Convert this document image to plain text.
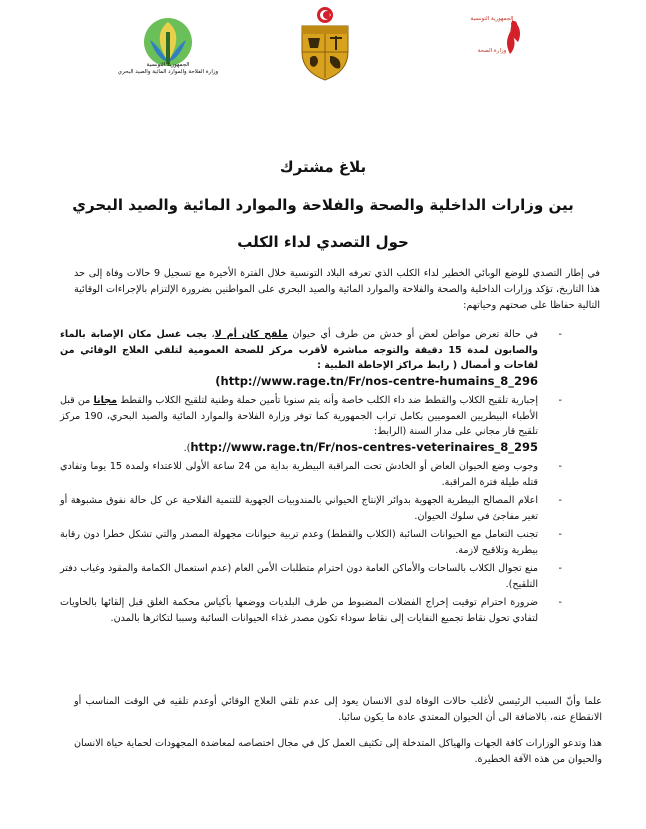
الجمهورية التونسية
وزارة الفلاحة والموارد المائية والصيد البحري
الجمهورية التونسية
وزارة الصحة
بلاغ مشترك
بين وزارات الداخلية والصحة والفلاحة والموارد المائية والصيد البحري
حول التصدي لداء الكلب
في إطار التصدي للوضع الوبائي الخطير لداء الكلب الذي تعرفه البلاد التونسية خلال الفترة الأخيرة مع تسجيل 9 حالات وفاة إلى حد هذا التاريخ، تؤكد وزارات الداخلية والصحة والفلاحة والموارد المائية والصيد البحري على المواطنين بضرورة الإلتزام بالإجراءات الوقائية التالية حفاظا على صحتهم وحياتهم:
-
في حالة تعرض مواطن لعض أو خدش من طرف أي حيوان ملقح كان أم لا، يجب غسل مكان الإصابة بالماء والصابون لمدة 15 دقيقة والتوجه مباشرة لأقرب مركز للصحة العمومية لتلقي العلاج الوقائي من لقاحات و أمصال ( رابط مراكز الإحاطة الطبية :
(http://www.rage.tn/Fr/nos-centre-humains_8_296
-
إجبارية تلقيح الكلاب والقطط ضد داء الكلب خاصة وأنه يتم سنويا تأمين حملة وطنية لتلقيح الكلاب والقطط مجانا من قبل الأطباء البيطريين العموميين بكامل تراب الجمهورية كما توفر وزارة الفلاحة والموارد المائية والصيد البحري، 190 مركز تلقيح قار مجاني على مدار السنة (الرابط:
http://www.rage.tn/Fr/nos-centres-veterinaires_8_295).
-
وجوب وضع الحيوان العاض أو الخادش تحت المراقبة البيطرية بداية من 24 ساعة الأولى للاعتداء ولمدة 15 يوما وتفادي قتله طيلة فترة المراقبة.
-
اعلام المصالح البيطرية الجهوية بدوائر الإنتاج الحيواني بالمندوبيات الجهوية للتنمية الفلاحية عن كل حالة نفوق مشبوهة أو تغير مفاجئ في سلوك الحيوان.
-
تجنب التعامل مع الحيوانات السائبة (الكلاب والقطط) وعدم تربية حيوانات مجهولة المصدر والتي تشكل خطرا دون رقابة بيطرية وتلاقيح لازمة.
-
منع تجوال الكلاب بالساحات والأماكن العامة دون احترام متطلبات الأمن العام (عدم استعمال الكمامة والمقود وغياب دفتر التلقيح).
-
ضرورة احترام توقيت إخراج الفضلات المضبوط من طرف البلديات ووضعها بأكياس محكمة الغلق قبل إلقائها بالحاويات لتفادي تحول نقاط تجميع النفايات إلى نقاط سوداء تكون مصدر غذاء الحيوانات السائبة وسببا لتكاثرها بالمدن.
علما وأنّ السبب الرئيسي لأغلب حالات الوفاة لدى الانسان يعود إلى عدم تلقي العلاج الوقائي أوعدم تلقيه في الوقت المناسب أو الانقطاع عنه، بالاضافة الى أن الحيوان المعتدي عادة ما يكون سائبا.
هذا وتدعو الوزارات كافة الجهات والهياكل المتدخلة إلى تكثيف العمل كل في مجال اختصاصه لمعاضدة المجهودات لحماية حياة الانسان والحيوان من هذه الآفة الخطيرة.
